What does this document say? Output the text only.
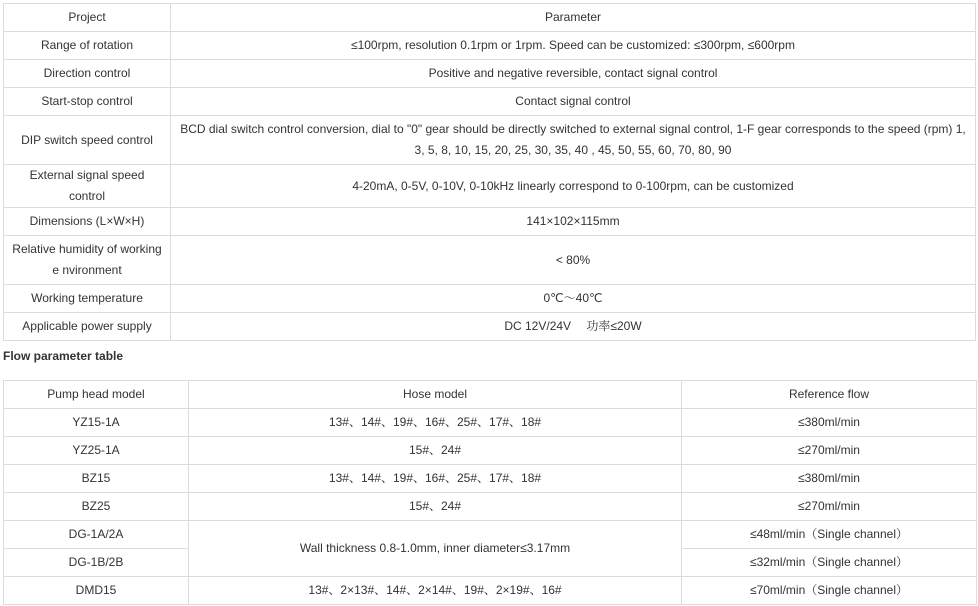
Project	Parameter
Range of rotation	≤100rpm, resolution 0.1rpm or 1rpm. Speed can be customized: ≤300rpm, ≤600rpm
Direction control	Positive and negative reversible, contact signal control
Start-stop control	Contact signal control
DIP switch speed control	BCD dial switch control conversion, dial to "0" gear should be directly switched to external signal control, 1-F gear corresponds to the speed (rpm) 1, 3, 5, 8, 10, 15, 20, 25, 30, 35, 40 , 45, 50, 55, 60, 70, 80, 90
External signal speed control	4-20mA, 0-5V, 0-10V, 0-10kHz linearly correspond to 0-100rpm, can be customized
Dimensions (L×W×H)	141×102×115mm
Relative humidity of working e nvironment	< 80%
Working temperature	0℃～40℃
Applicable power supply	DC 12V/24V　 功率≤20W
Flow parameter table
Pump head model	Hose model	Reference flow
YZ15-1A	13#、14#、19#、16#、25#、17#、18#	≤380ml/min
YZ25-1A	15#、24#	≤270ml/min
BZ15	13#、14#、19#、16#、25#、17#、18#	≤380ml/min
BZ25	15#、24#	≤270ml/min
DG-1A/2A	Wall thickness 0.8-1.0mm, inner diameter≤3.17mm	≤48ml/min（Single channel）
DG-1B/2B		≤32ml/min（Single channel）
DMD15	13#、2×13#、14#、2×14#、19#、2×19#、16#	≤70ml/min（Single channel）
